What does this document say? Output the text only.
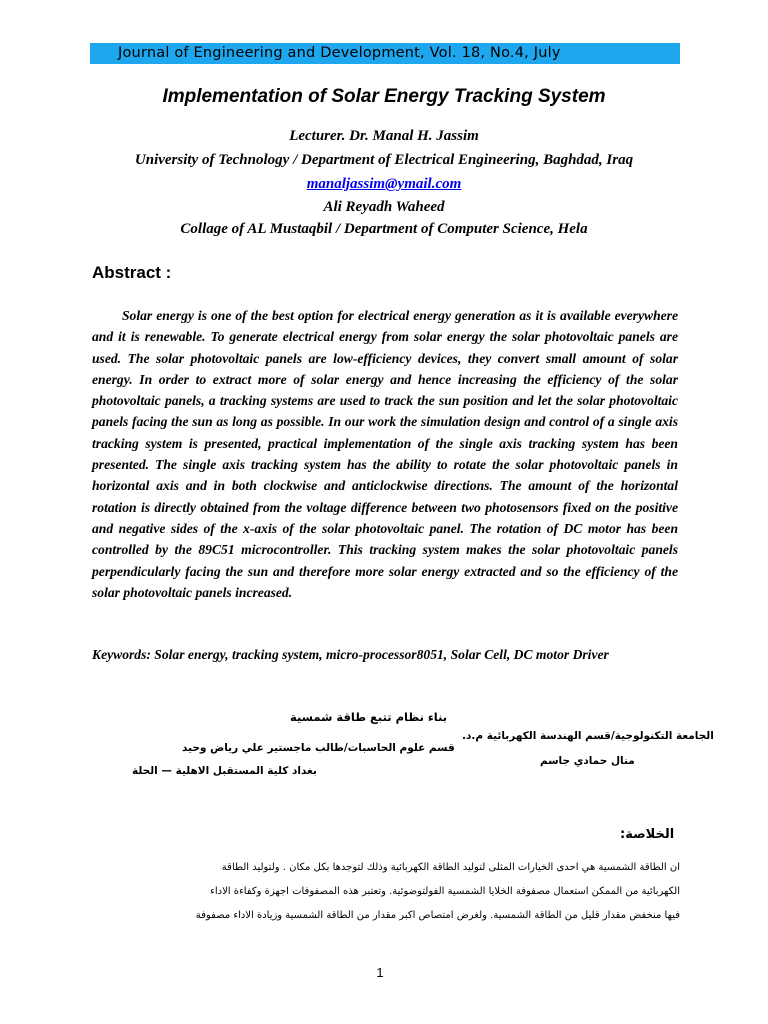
Journal of Engineering and Development, Vol. 18, No.4, July
Implementation of Solar Energy Tracking System
Lecturer. Dr. Manal H. Jassim
University of Technology / Department of Electrical Engineering, Baghdad, Iraq
manaljassim@ymail.com
Ali Reyadh Waheed
Collage of AL Mustaqbil / Department of Computer Science, Hela
Abstract :
Solar energy is one of the best option for electrical energy generation as it is available everywhere and it is renewable. To generate electrical energy from solar energy the solar photovoltaic panels are used. The solar photovoltaic panels are low-efficiency devices, they convert small amount of solar energy. In order to extract more of solar energy and hence increasing the efficiency of the solar photovoltaic panels, a tracking systems are used to track the sun position and let the solar photovoltaic panels facing the sun as long as possible. In our work the simulation design and control of a single axis tracking system is presented, practical implementation of the single axis tracking system has been presented. The single axis tracking system has the ability to rotate the solar photovoltaic panels in horizontal axis and in both clockwise and anticlockwise directions. The amount of the horizontal rotation is directly obtained from the voltage difference between two photosensors fixed on the positive and negative sides of the x-axis of the solar photovoltaic panel. The rotation of DC motor has been controlled by the 89C51 microcontroller. This tracking system makes the solar photovoltaic panels perpendicularly facing the sun and therefore more solar energy extracted and so the efficiency of the solar photovoltaic panels increased.
Keywords: Solar energy, tracking system, micro-processor8051, Solar Cell, DC motor Driver
بناء نظام تتبع طاقة شمسية
الجامعة التكنولوجية/قسم الهندسة الكهربائية م.د.
منال حمادي جاسم
قسم علوم الحاسبات/طالب ماجستير علي رياض وحيد
بغداد كلية المستقبل الاهلية — الحلة
الخلاصة:
ان الطاقة الشمسية هي احدى الخيارات المثلى لتوليد الطاقة الكهربائية وذلك لتوجدها بكل مكان . ولتوليد الطاقة
الكهربائية من الممكن استعمال مصفوفة الخلايا الشمسية الفولتوضوئية. وتعتبر هذه المصفوفات اجهزة وكفاءة الاداء
فيها منخفض مقدار قليل من الطاقة الشمسية. ولغرض امتصاص اكبر مقدار من الطاقة الشمسية وزيادة الاداء مصفوفة
1
